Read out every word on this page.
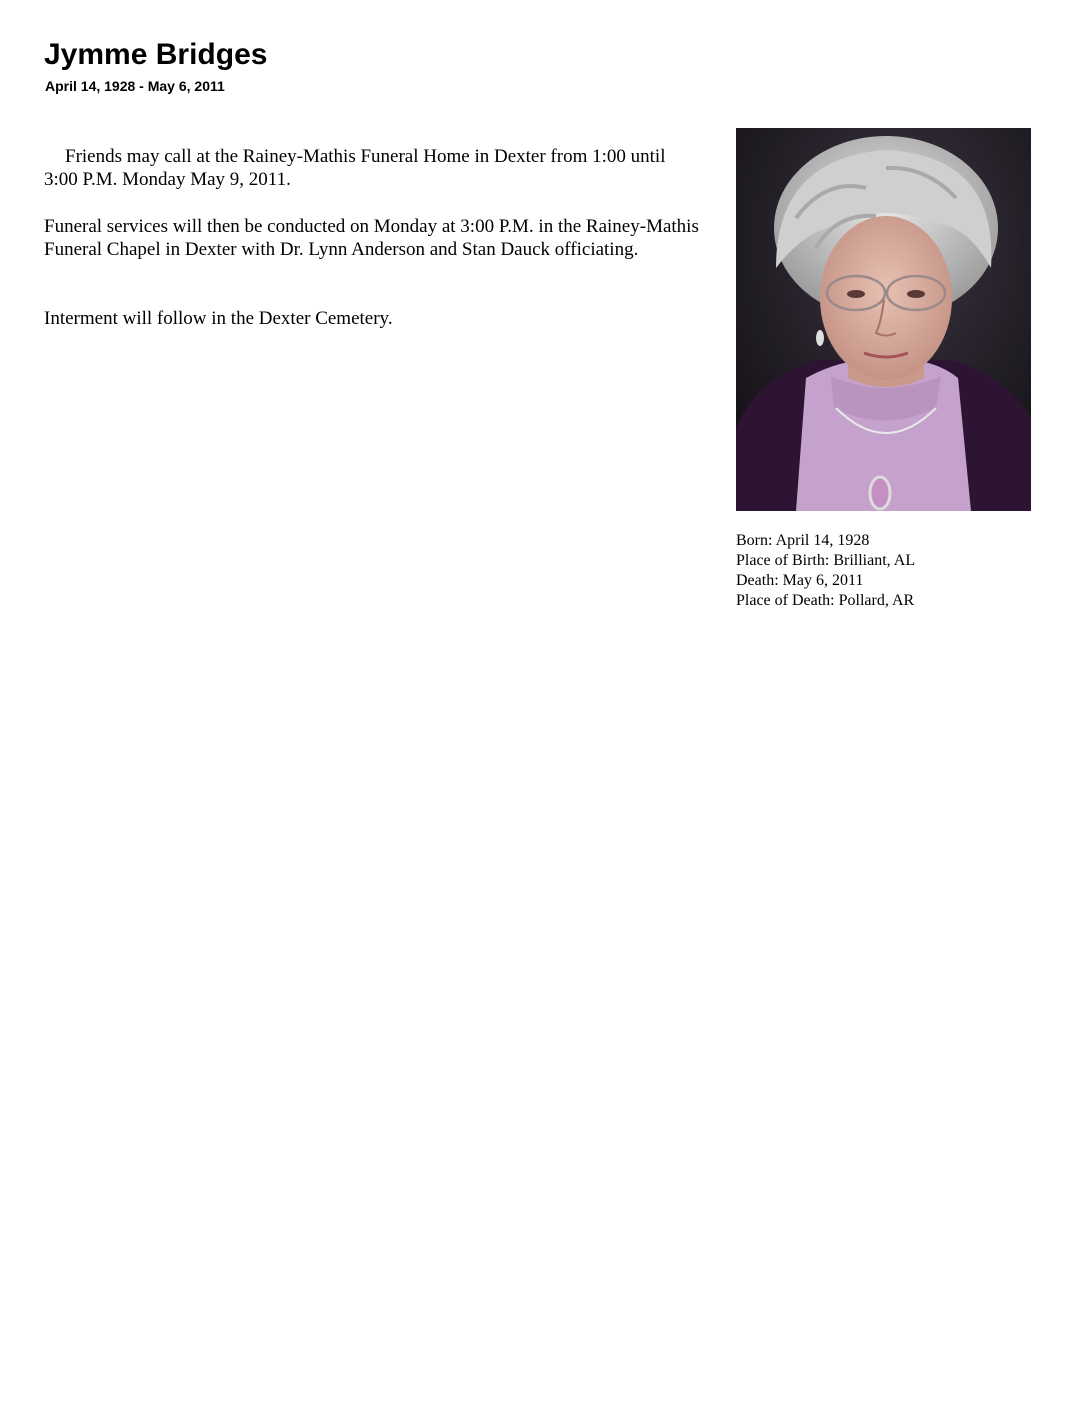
Jymme Bridges
April 14, 1928 - May 6, 2011
Friends may call at the Rainey-Mathis Funeral Home in Dexter from 1:00 until
3:00 P.M. Monday May 9, 2011.

Funeral services will then be conducted on Monday at 3:00 P.M. in the Rainey-Mathis Funeral Chapel in Dexter with Dr. Lynn Anderson and Stan Dauck officiating.

Interment will follow in the Dexter Cemetery.

Born: April 14, 1928
Place of Birth: Brilliant, AL
Death: May 6, 2011
Place of Death: Pollard, AR
